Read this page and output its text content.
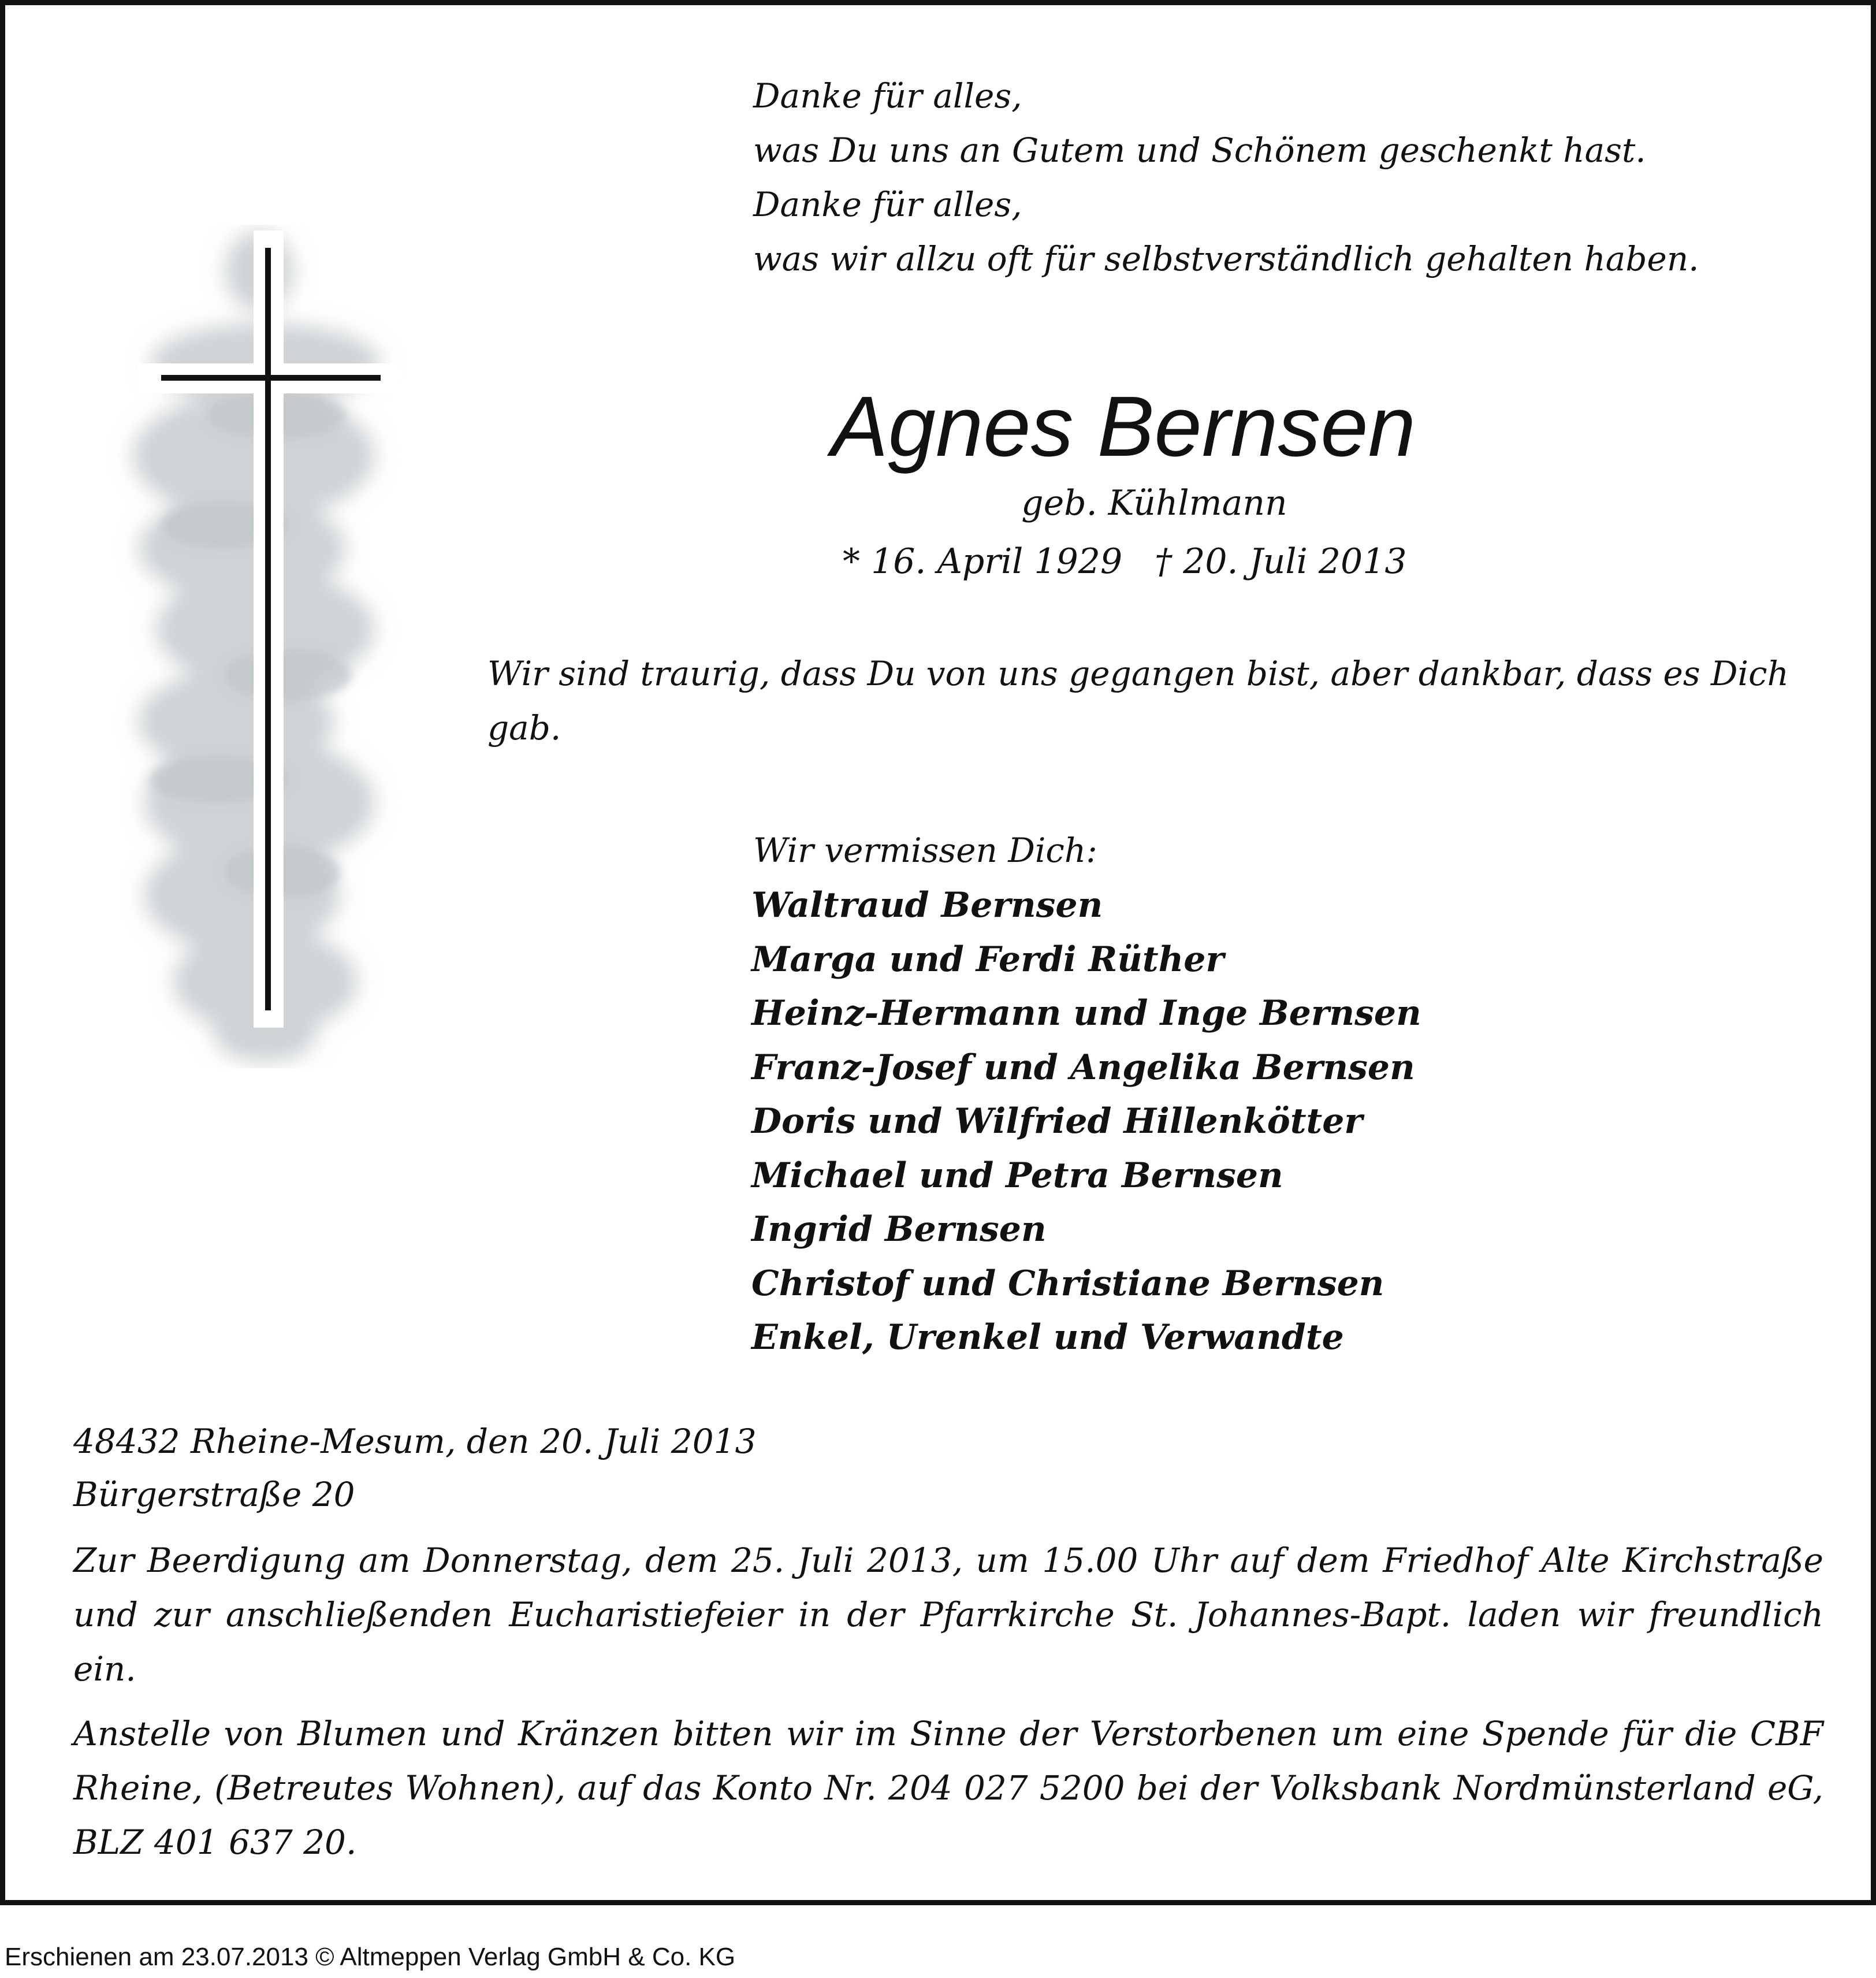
Danke für alles,
was Du uns an Gutem und Schönem geschenkt hast.
Danke für alles,
was wir allzu oft für selbstverständlich gehalten haben.
Agnes Bernsen
geb. Kühlmann
* 16. April 1929 † 20. Juli 2013
Wir sind traurig, dass Du von uns gegangen bist, aber dankbar, dass es Dich gab.
Wir vermissen Dich:
Waltraud Bernsen
Marga und Ferdi Rüther
Heinz-Hermann und Inge Bernsen
Franz-Josef und Angelika Bernsen
Doris und Wilfried Hillenkötter
Michael und Petra Bernsen
Ingrid Bernsen
Christof und Christiane Bernsen
Enkel, Urenkel und Verwandte
48432 Rheine-Mesum, den 20. Juli 2013
Bürgerstraße 20
Zur Beerdigung am Donnerstag, dem 25. Juli 2013, um 15.00 Uhr auf dem Friedhof Alte Kirchstraße und zur anschließenden Eucharistiefeier in der Pfarrkirche St. Johannes-Bapt. laden wir freundlich ein.
Anstelle von Blumen und Kränzen bitten wir im Sinne der Verstorbenen um eine Spende für die CBF Rheine, (Betreutes Wohnen), auf das Konto Nr. 204 027 5200 bei der Volksbank Nordmünsterland eG, BLZ 401 637 20.
Erschienen am 23.07.2013 © Altmeppen Verlag GmbH & Co. KG
